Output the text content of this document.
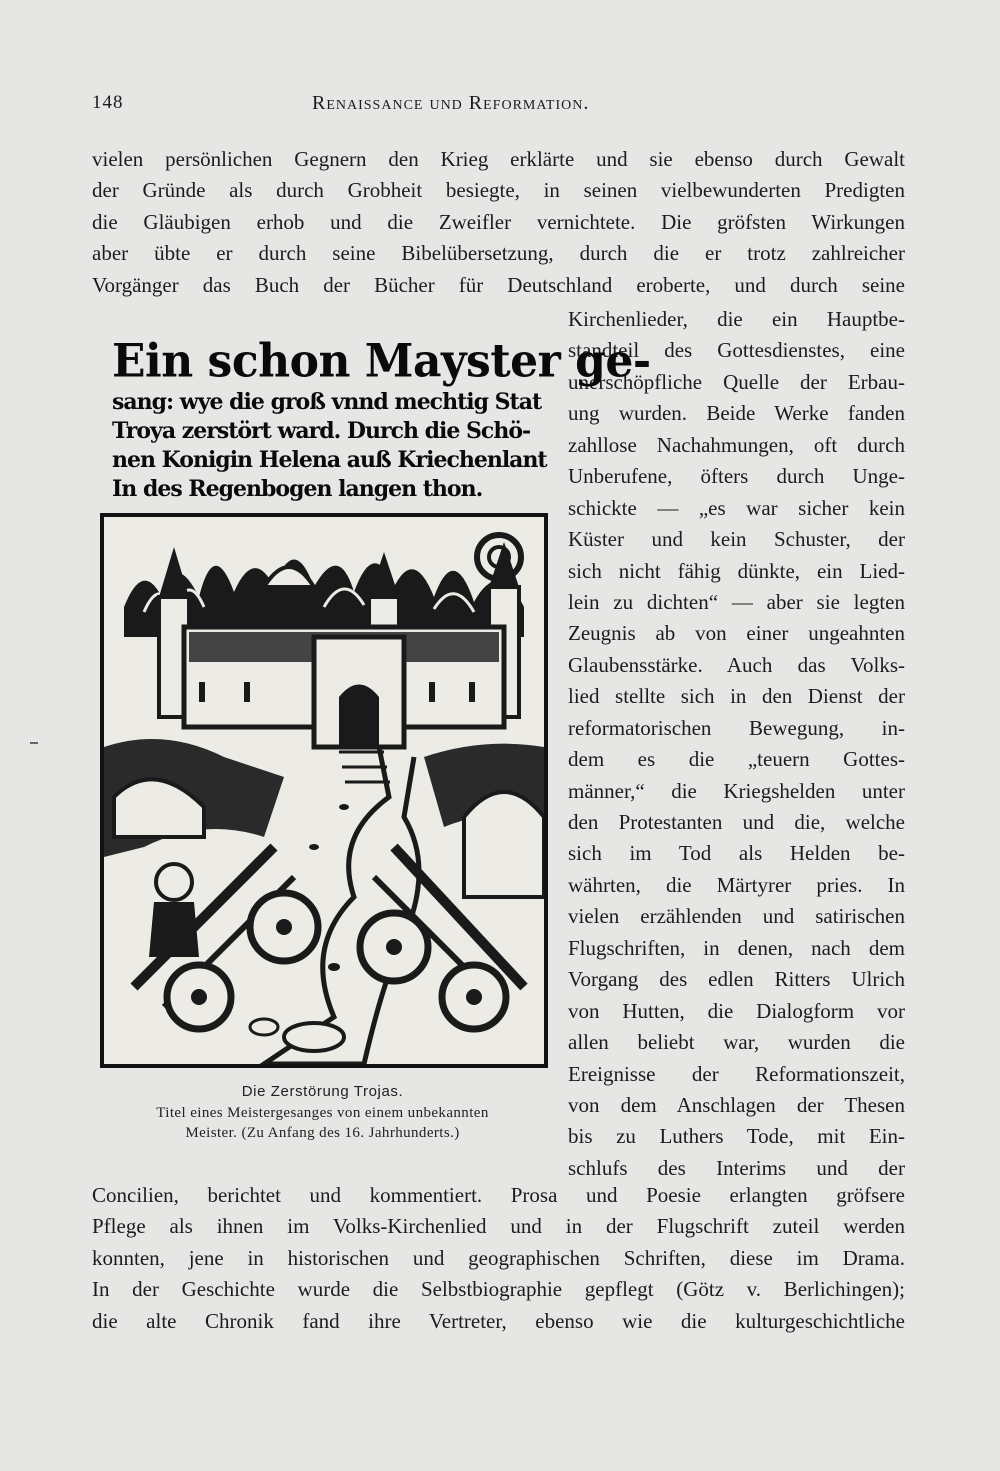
148	Renaissance und Reformation.
vielen persönlichen Gegnern den Krieg erklärte und sie ebenso durch Gewalt
der Gründe als durch Grobheit besiegte, in seinen vielbewunderten Predigten
die Gläubigen erhob und die Zweifler vernichtete. Die gröfsten Wirkungen
aber übte er durch seine Bibelübersetzung, durch die er trotz zahlreicher
Vorgänger das Buch der Bücher für Deutschland eroberte, und durch seine
Kirchenlieder, die ein Hauptbe-
standteil des Gottesdienstes, eine
unerschöpfliche Quelle der Erbau-
ung wurden. Beide Werke fanden
zahllose Nachahmungen, oft durch
Unberufene, öfters durch Unge-
schickte — „es war sicher kein
Küster und kein Schuster, der
sich nicht fähig dünkte, ein Lied-
lein zu dichten“ — aber sie legten
Zeugnis ab von einer ungeahnten
Glaubensstärke. Auch das Volks-
lied stellte sich in den Dienst der
reformatorischen Bewegung, in-
dem es die „teuern Gottes-
männer,“ die Kriegshelden unter
den Protestanten und die, welche
sich im Tod als Helden be-
währten, die Märtyrer pries. In
vielen erzählenden und satirischen
Flugschriften, in denen, nach dem
Vorgang des edlen Ritters Ulrich
von Hutten, die Dialogform vor
allen beliebt war, wurden die
Ereignisse der Reformationszeit,
von dem Anschlagen der Thesen
bis zu Luthers Tode, mit Ein-
schlufs des Interims und der
Ein schon Mayster ge-
sang: wye die groß vnnd mechtig Stat
Troya zerstört ward. Durch die Schö-
nen Konigin Helena auß Kriechenlant
In des Regenbogen langen thon.
Die Zerstörung Trojas.
Titel eines Meistergesanges von einem unbekannten
Meister. (Zu Anfang des 16. Jahrhunderts.)
Concilien, berichtet und kommentiert. Prosa und Poesie erlangten gröfsere
Pflege als ihnen im Volks-Kirchenlied und in der Flugschrift zuteil werden
konnten, jene in historischen und geographischen Schriften, diese im Drama.
In der Geschichte wurde die Selbstbiographie gepflegt (Götz v. Berlichingen);
die alte Chronik fand ihre Vertreter, ebenso wie die kulturgeschichtliche
